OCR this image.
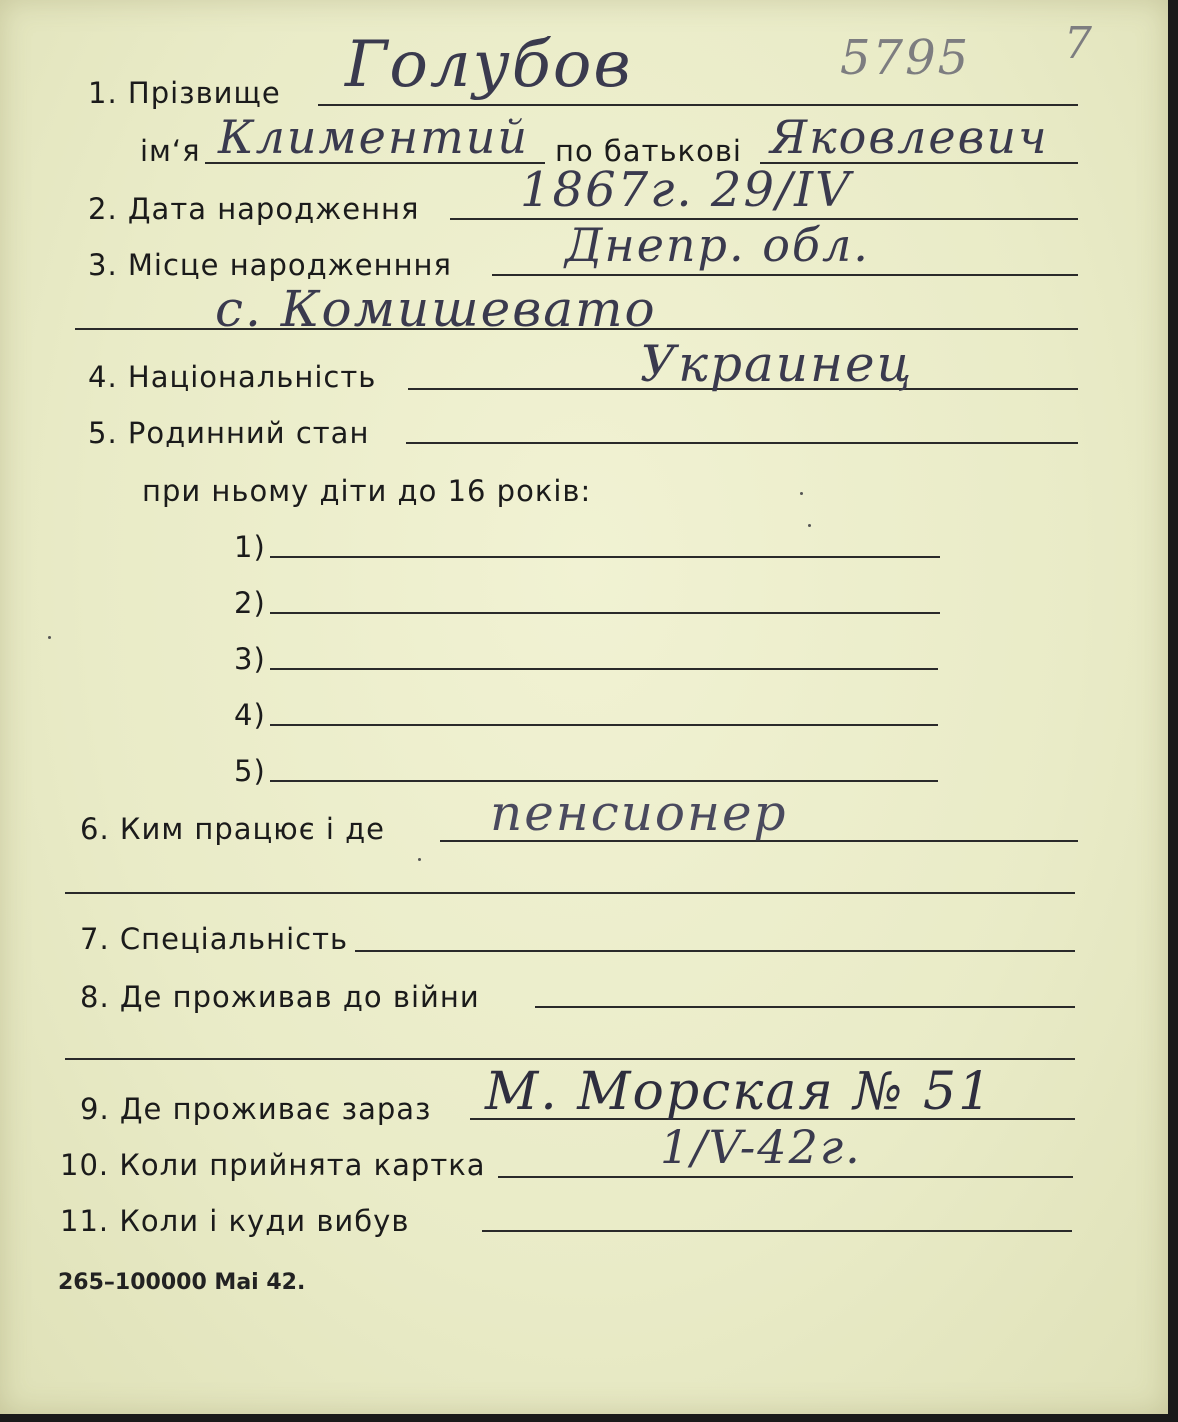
5795 7
1. Прізвище Голубов
ім‘я Климентий по батькові Яковлевич
2. Дата народження 1867г. 29/IV
3. Місце народженння Днепр. обл.
с. Комишевато
4. Національність	Украинец
5. Родинний стан
при ньому діти до 16 років:
1)
2)
3)
4)
5)
6. Ким працює і де пенсионер
7. Спеціальність
8. Де проживав до війни
9. Де проживає зараз М. Морская № 51
10. Коли прийнята картка	1/V-42г.
11. Коли і куди вибув
265–100000 Mai 42.
